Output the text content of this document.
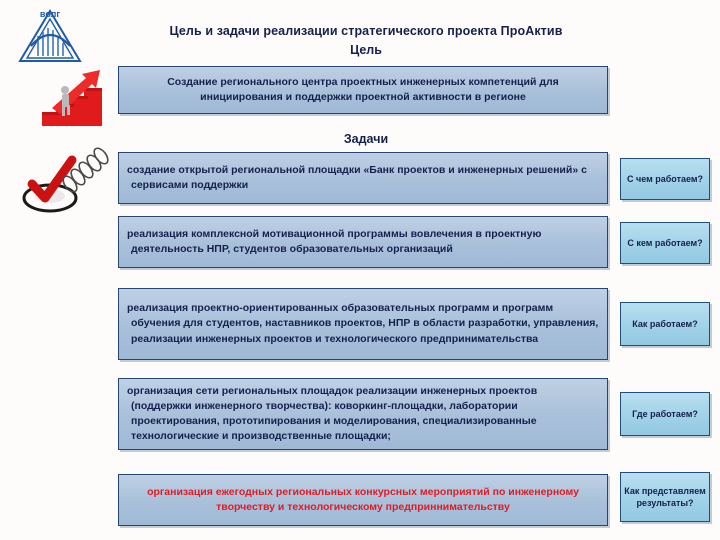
волг
Цель и задачи реализации стратегического проекта ПроАктив
Цель
Задачи
Создание регионального центра проектных инженерных компетенций для инициирования и поддержки проектной активности в регионе
создание открытой региональной площадки «Банк проектов и инженерных решений» с сервисами поддержки
С чем работаем?
реализация комплексной мотивационной программы вовлечения в проектную деятельность НПР, студентов образовательных организаций
С кем работаем?
реализация проектно-ориентированных образовательных программ и программ обучения для студентов, наставников проектов, НПР в области разработки, управления, реализации инженерных проектов и технологического предпринимательства
Как работаем?
организация сети региональных площадок реализации инженерных проектов (поддержки инженерного творчества): коворкинг-площадки, лаборатории проектирования, прототипирования и моделирования, специализированные технологические и производственные площадки;
Где работаем?
организация ежегодных региональных конкурсных мероприятий по инженерному творчеству и технологическому предприннимательству
Как представляем результаты?
